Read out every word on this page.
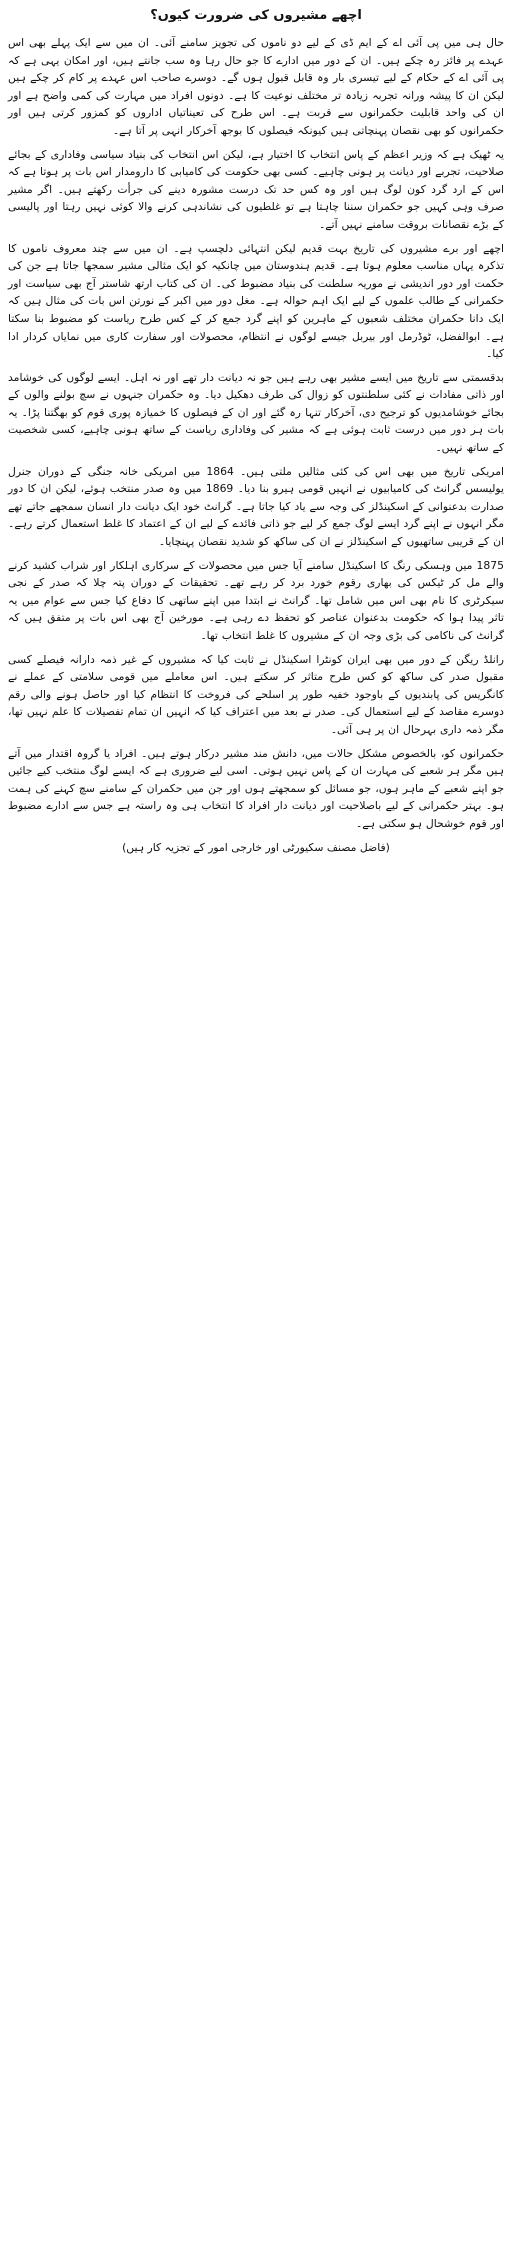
اچھے مشیروں کی ضرورت کیوں؟

حال ہی میں پی آئی اے کے ایم ڈی کے لیے دو ناموں کی تجویز سامنے آئی۔ ان میں سے ایک پہلے بھی اس عہدے پر فائز رہ چکے ہیں۔ ان کے دور میں ادارے کا جو حال رہا وہ سب جانتے ہیں، اور امکان یہی ہے کہ پی آئی اے کے حکام کے لیے تیسری بار وہ قابل قبول ہوں گے۔ دوسرے صاحب اس عہدے پر کام کر چکے ہیں لیکن ان کا پیشہ ورانہ تجربہ زیادہ تر مختلف نوعیت کا ہے۔ دونوں افراد میں مہارت کی کمی واضح ہے اور ان کی واحد قابلیت حکمرانوں سے قربت ہے۔ اس طرح کی تعیناتیاں اداروں کو کمزور کرتی ہیں اور حکمرانوں کو بھی نقصان پہنچاتی ہیں کیونکہ فیصلوں کا بوجھ آخرکار انہی پر آتا ہے۔

یہ ٹھیک ہے کہ وزیر اعظم کے پاس انتخاب کا اختیار ہے، لیکن اس انتخاب کی بنیاد سیاسی وفاداری کے بجائے صلاحیت، تجربے اور دیانت پر ہونی چاہیے۔ کسی بھی حکومت کی کامیابی کا دارومدار اس بات پر ہوتا ہے کہ اس کے ارد گرد کون لوگ ہیں اور وہ کس حد تک درست مشورہ دینے کی جرأت رکھتے ہیں۔ اگر مشیر صرف وہی کہیں جو حکمران سننا چاہتا ہے تو غلطیوں کی نشاندہی کرنے والا کوئی نہیں رہتا اور پالیسی کے بڑے نقصانات بروقت سامنے نہیں آتے۔

اچھے اور برے مشیروں کی تاریخ بہت قدیم لیکن انتہائی دلچسپ ہے۔ ان میں سے چند معروف ناموں کا تذکرہ یہاں مناسب معلوم ہوتا ہے۔ قدیم ہندوستان میں چانکیہ کو ایک مثالی مشیر سمجھا جاتا ہے جن کی حکمت اور دور اندیشی نے موریہ سلطنت کی بنیاد مضبوط کی۔ ان کی کتاب ارتھ شاستر آج بھی سیاست اور حکمرانی کے طالب علموں کے لیے ایک اہم حوالہ ہے۔ مغل دور میں اکبر کے نورتن اس بات کی مثال ہیں کہ ایک دانا حکمران مختلف شعبوں کے ماہرین کو اپنے گرد جمع کر کے کس طرح ریاست کو مضبوط بنا سکتا ہے۔ ابوالفضل، ٹوڈرمل اور بیربل جیسے لوگوں نے انتظام، محصولات اور سفارت کاری میں نمایاں کردار ادا کیا۔

بدقسمتی سے تاریخ میں ایسے مشیر بھی رہے ہیں جو نہ دیانت دار تھے اور نہ اہل۔ ایسے لوگوں کی خوشامد اور ذاتی مفادات نے کئی سلطنتوں کو زوال کی طرف دھکیل دیا۔ وہ حکمران جنہوں نے سچ بولنے والوں کے بجائے خوشامدیوں کو ترجیح دی، آخرکار تنہا رہ گئے اور ان کے فیصلوں کا خمیازہ پوری قوم کو بھگتنا پڑا۔ یہ بات ہر دور میں درست ثابت ہوئی ہے کہ مشیر کی وفاداری ریاست کے ساتھ ہونی چاہیے، کسی شخصیت کے ساتھ نہیں۔

امریکی تاریخ میں بھی اس کی کئی مثالیں ملتی ہیں۔ 1864 میں امریکی خانہ جنگی کے دوران جنرل یولیسس گرانٹ کی کامیابیوں نے انہیں قومی ہیرو بنا دیا۔ 1869 میں وہ صدر منتخب ہوئے، لیکن ان کا دور صدارت بدعنوانی کے اسکینڈلز کی وجہ سے یاد کیا جاتا ہے۔ گرانٹ خود ایک دیانت دار انسان سمجھے جاتے تھے مگر انہوں نے اپنے گرد ایسے لوگ جمع کر لیے جو ذاتی فائدے کے لیے ان کے اعتماد کا غلط استعمال کرتے رہے۔ ان کے قریبی ساتھیوں کے اسکینڈلز نے ان کی ساکھ کو شدید نقصان پہنچایا۔

1875 میں وہسکی رنگ کا اسکینڈل سامنے آیا جس میں محصولات کے سرکاری اہلکار اور شراب کشید کرنے والے مل کر ٹیکس کی بھاری رقوم خورد برد کر رہے تھے۔ تحقیقات کے دوران پتہ چلا کہ صدر کے نجی سیکرٹری کا نام بھی اس میں شامل تھا۔ گرانٹ نے ابتدا میں اپنے ساتھی کا دفاع کیا جس سے عوام میں یہ تاثر پیدا ہوا کہ حکومت بدعنوان عناصر کو تحفظ دے رہی ہے۔ مورخین آج بھی اس بات پر متفق ہیں کہ گرانٹ کی ناکامی کی بڑی وجہ ان کے مشیروں کا غلط انتخاب تھا۔

رانلڈ ریگن کے دور میں بھی ایران کونٹرا اسکینڈل نے ثابت کیا کہ مشیروں کے غیر ذمہ دارانہ فیصلے کسی مقبول صدر کی ساکھ کو کس طرح متاثر کر سکتے ہیں۔ اس معاملے میں قومی سلامتی کے عملے نے کانگریس کی پابندیوں کے باوجود خفیہ طور پر اسلحے کی فروخت کا انتظام کیا اور حاصل ہونے والی رقم دوسرے مقاصد کے لیے استعمال کی۔ صدر نے بعد میں اعتراف کیا کہ انہیں ان تمام تفصیلات کا علم نہیں تھا، مگر ذمہ داری بہرحال ان پر ہی آئی۔

حکمرانوں کو، بالخصوص مشکل حالات میں، دانش مند مشیر درکار ہوتے ہیں۔ افراد یا گروہ اقتدار میں آتے ہیں مگر ہر شعبے کی مہارت ان کے پاس نہیں ہوتی۔ اسی لیے ضروری ہے کہ ایسے لوگ منتخب کیے جائیں جو اپنے شعبے کے ماہر ہوں، جو مسائل کو سمجھتے ہوں اور جن میں حکمران کے سامنے سچ کہنے کی ہمت ہو۔ بہتر حکمرانی کے لیے باصلاحیت اور دیانت دار افراد کا انتخاب ہی وہ راستہ ہے جس سے ادارے مضبوط اور قوم خوشحال ہو سکتی ہے۔

(فاضل مصنف سکیورٹی اور خارجی امور کے تجزیہ کار ہیں)
